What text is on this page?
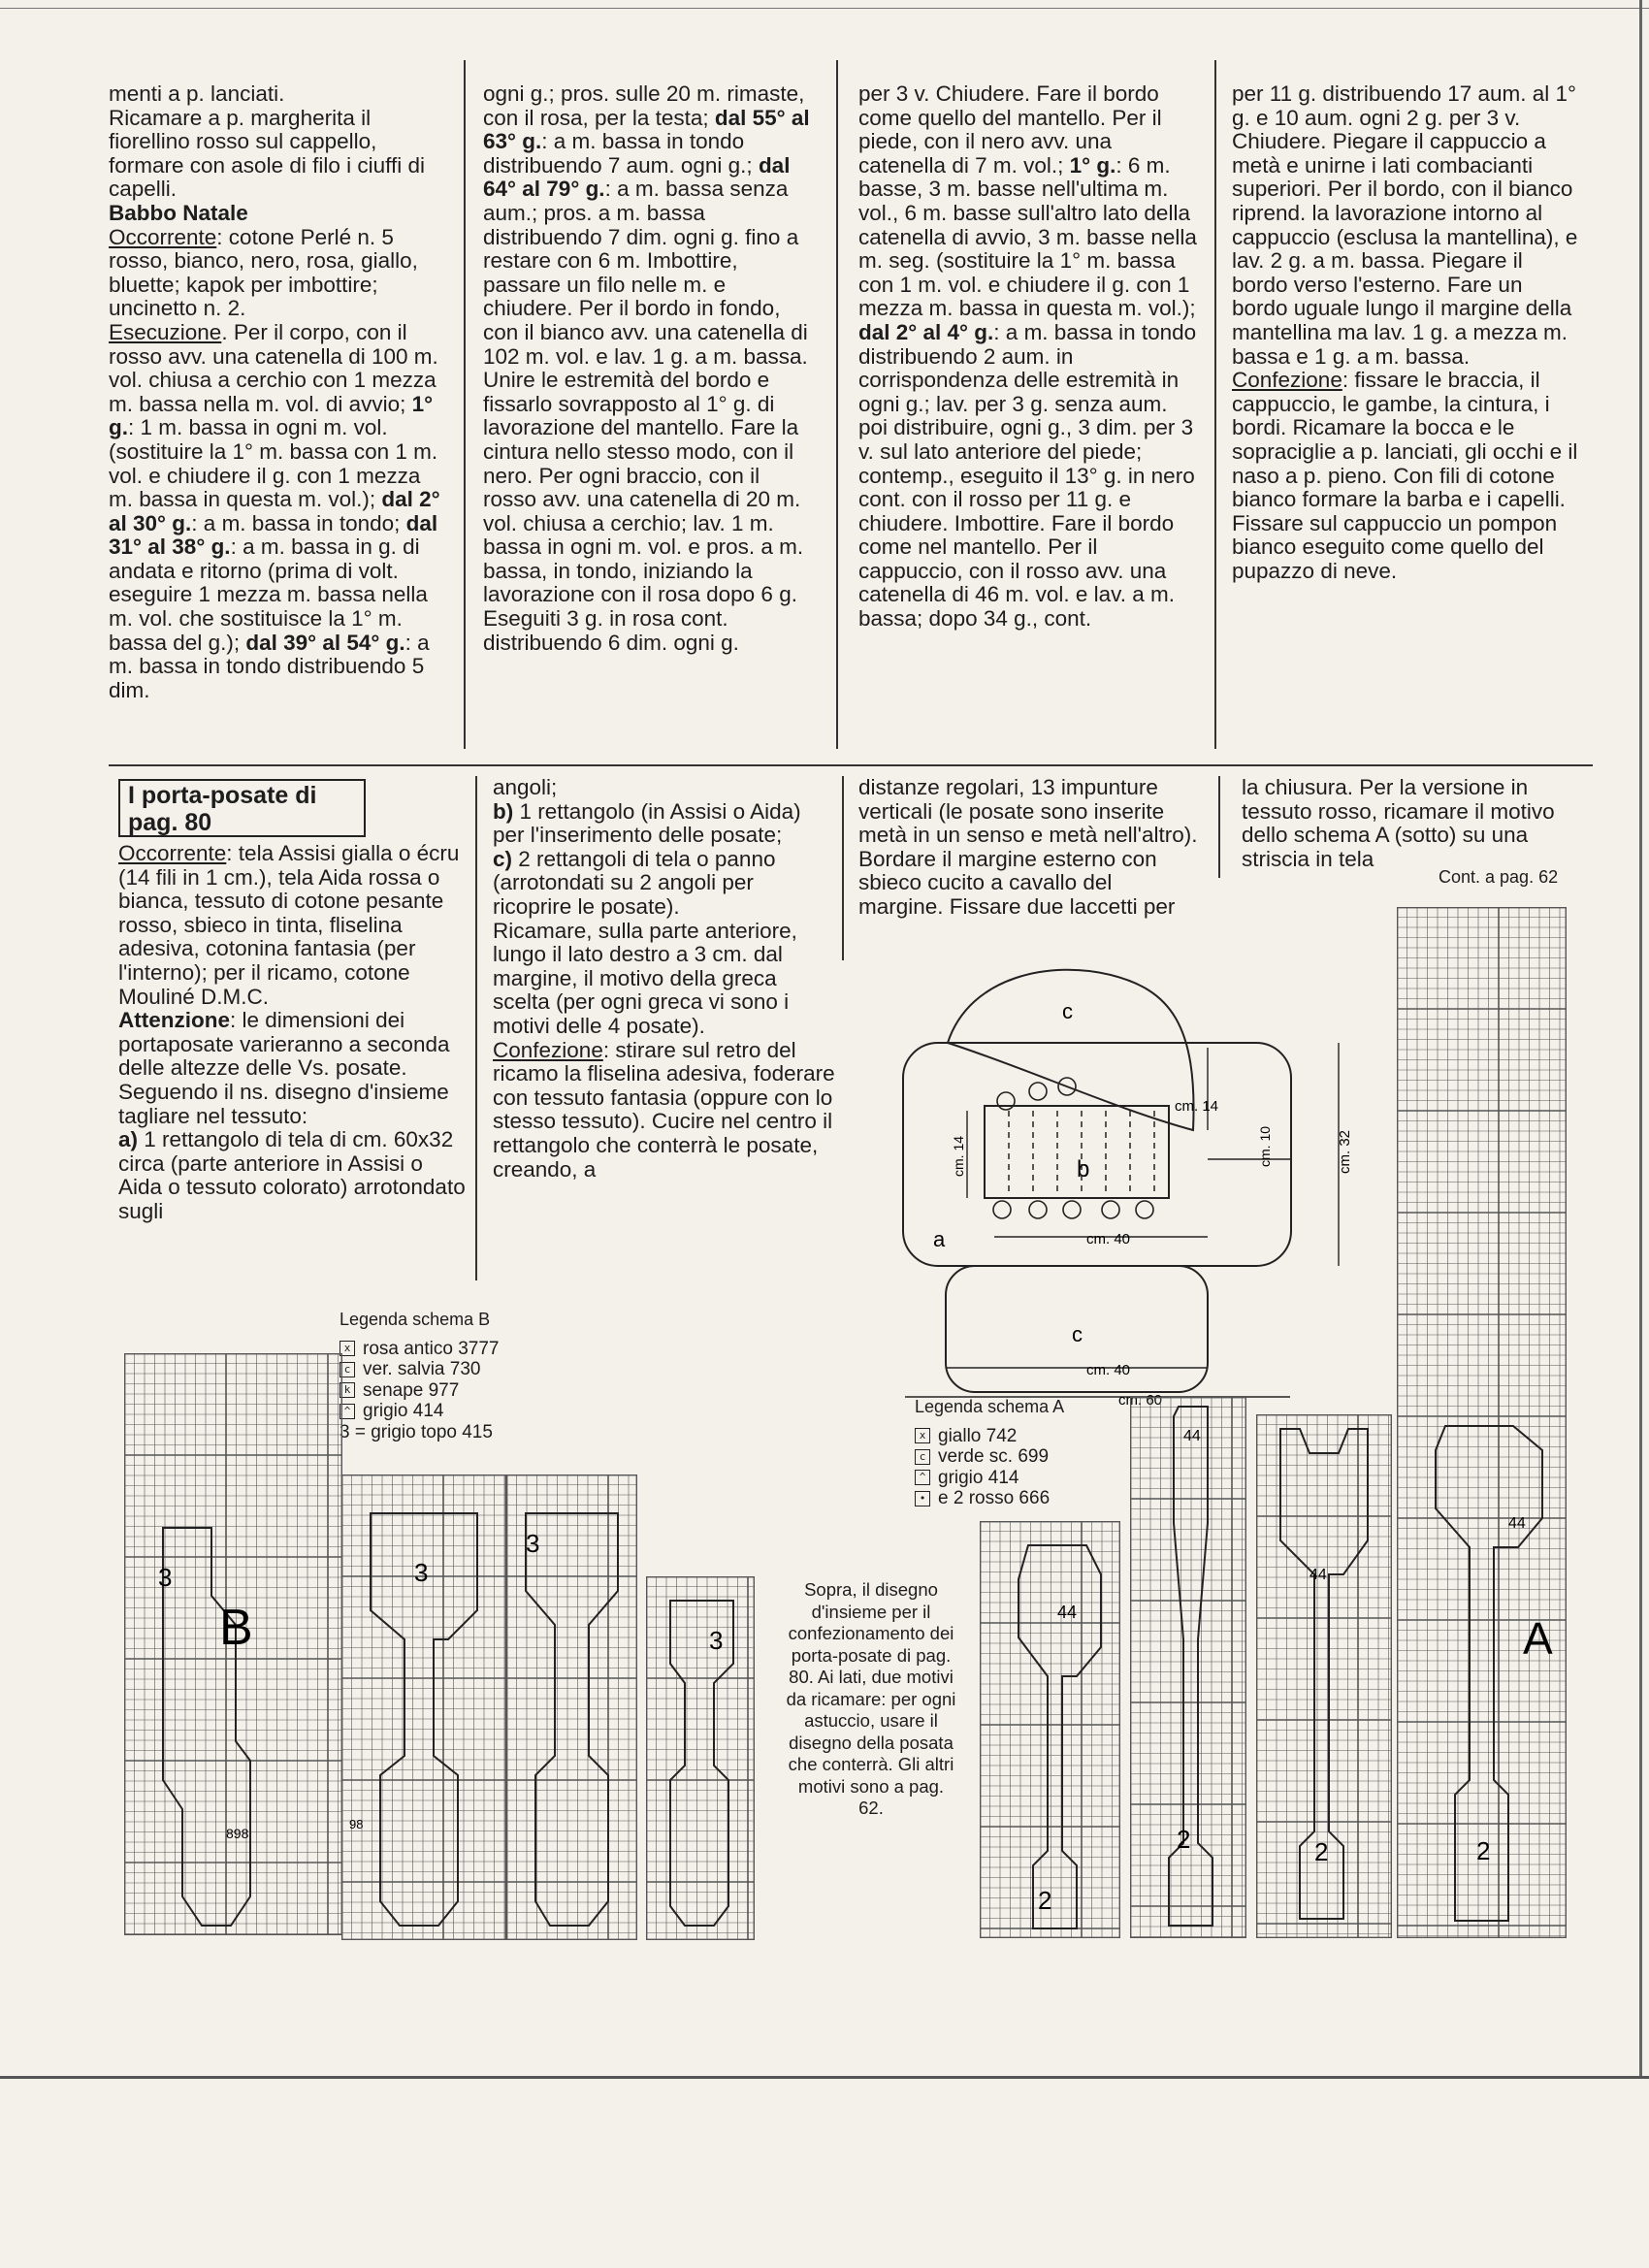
menti a p. lanciati.

Ricamare a p. margherita il fiorellino rosso sul cappello, formare con asole di filo i ciuffi di capelli.

Babbo Natale

Occorrente: cotone Perlé n. 5 rosso, bianco, nero, rosa, giallo, bluette; kapok per imbottire; uncinetto n. 2.

Esecuzione. Per il corpo, con il rosso avv. una catenella di 100 m. vol. chiusa a cerchio con 1 mezza m. bassa nella m. vol. di avvio; 1° g.: 1 m. bassa in ogni m. vol. (sostituire la 1° m. bassa con 1 m. vol. e chiudere il g. con 1 mezza m. bassa in questa m. vol.); dal 2° al 30° g.: a m. bassa in tondo; dal 31° al 38° g.: a m. bassa in g. di andata e ritorno (prima di volt. eseguire 1 mezza m. bassa nella m. vol. che sostituisce la 1° m. bassa del g.); dal 39° al 54° g.: a m. bassa in tondo distribuendo 5 dim.

ogni g.; pros. sulle 20 m. rimaste, con il rosa, per la testa; dal 55° al 63° g.: a m. bassa in tondo distribuendo 7 aum. ogni g.; dal 64° al 79° g.: a m. bassa senza aum.; pros. a m. bassa distribuendo 7 dim. ogni g. fino a restare con 6 m. Imbottire, passare un filo nelle m. e chiudere. Per il bordo in fondo, con il bianco avv. una catenella di 102 m. vol. e lav. 1 g. a m. bassa. Unire le estremità del bordo e fissarlo sovrapposto al 1° g. di lavorazione del mantello. Fare la cintura nello stesso modo, con il nero. Per ogni braccio, con il rosso avv. una catenella di 20 m. vol. chiusa a cerchio; lav. 1 m. bassa in ogni m. vol. e pros. a m. bassa, in tondo, iniziando la lavorazione con il rosa dopo 6 g. Eseguiti 3 g. in rosa cont. distribuendo 6 dim. ogni g.

per 3 v. Chiudere. Fare il bordo come quello del mantello. Per il piede, con il nero avv. una catenella di 7 m. vol.; 1° g.: 6 m. basse, 3 m. basse nell'ultima m. vol., 6 m. basse sull'altro lato della catenella di avvio, 3 m. basse nella m. seg. (sostituire la 1° m. bassa con 1 m. vol. e chiudere il g. con 1 mezza m. bassa in questa m. vol.); dal 2° al 4° g.: a m. bassa in tondo distribuendo 2 aum. in corrispondenza delle estremità in ogni g.; lav. per 3 g. senza aum. poi distribuire, ogni g., 3 dim. per 3 v. sul lato anteriore del piede; contemp., eseguito il 13° g. in nero cont. con il rosso per 11 g. e chiudere. Imbottire. Fare il bordo come nel mantello. Per il cappuccio, con il rosso avv. una catenella di 46 m. vol. e lav. a m. bassa; dopo 34 g., cont.

per 11 g. distribuendo 17 aum. al 1° g. e 10 aum. ogni 2 g. per 3 v. Chiudere. Piegare il cappuccio a metà e unirne i lati combacianti superiori. Per il bordo, con il bianco riprend. la lavorazione intorno al cappuccio (esclusa la mantellina), e lav. 2 g. a m. bassa. Piegare il bordo verso l'esterno. Fare un bordo uguale lungo il margine della mantellina ma lav. 1 g. a mezza m. bassa e 1 g. a m. bassa.

Confezione: fissare le braccia, il cappuccio, le gambe, la cintura, i bordi. Ricamare la bocca e le sopraciglie a p. lanciati, gli occhi e il naso a p. pieno. Con fili di cotone bianco formare la barba e i capelli. Fissare sul cappuccio un pompon bianco eseguito come quello del pupazzo di neve.

I porta-posate di pag. 80

Occorrente: tela Assisi gialla o écru (14 fili in 1 cm.), tela Aida rossa o bianca, tessuto di cotone pesante rosso, sbieco in tinta, fliselina adesiva, cotonina fantasia (per l'interno); per il ricamo, cotone Mouliné D.M.C.

Attenzione: le dimensioni dei portaposate varieranno a seconda delle altezze delle Vs. posate. Seguendo il ns. disegno d'insieme tagliare nel tessuto:

a) 1 rettangolo di tela di cm. 60x32 circa (parte anteriore in Assisi o Aida o tessuto colorato) arrotondato sugli

angoli;

b) 1 rettangolo (in Assisi o Aida) per l'inserimento delle posate;

c) 2 rettangoli di tela o panno (arrotondati su 2 angoli per ricoprire le posate).

Ricamare, sulla parte anteriore, lungo il lato destro a 3 cm. dal margine, il motivo della greca scelta (per ogni greca vi sono i motivi delle 4 posate).

Confezione: stirare sul retro del ricamo la fliselina adesiva, foderare con tessuto fantasia (oppure con lo stesso tessuto). Cucire nel centro il rettangolo che conterrà le posate, creando, a

distanze regolari, 13 impunture verticali (le posate sono inserite metà in un senso e metà nell'altro). Bordare il margine esterno con sbieco cucito a cavallo del margine. Fissare due laccetti per

la chiusura. Per la versione in tessuto rosso, ricamare il motivo dello schema A (sotto) su una striscia in tela

Cont. a pag. 62
c
b
a
c
cm. 14
cm. 14	cm. 10	cm. 32
cm. 40
cm. 40
cm. 60
Legenda schema B
x rosa antico 3777
c ver. salvia 730
k senape 977
^ grigio 414
3 = grigio topo 415
Legenda schema A
x giallo 742
c verde sc. 699
^ grigio 414
• e 2 rosso 666
Sopra, il disegno d'insieme per il confezionamento dei porta-posate di pag. 80. Ai lati, due motivi da ricamare: per ogni astuccio, usare il disegno della posata che conterrà. Gli altri motivi sono a pag. 62.
3
B
898
3
98
3
3
44
2
44
2
44
2
44
A
2
